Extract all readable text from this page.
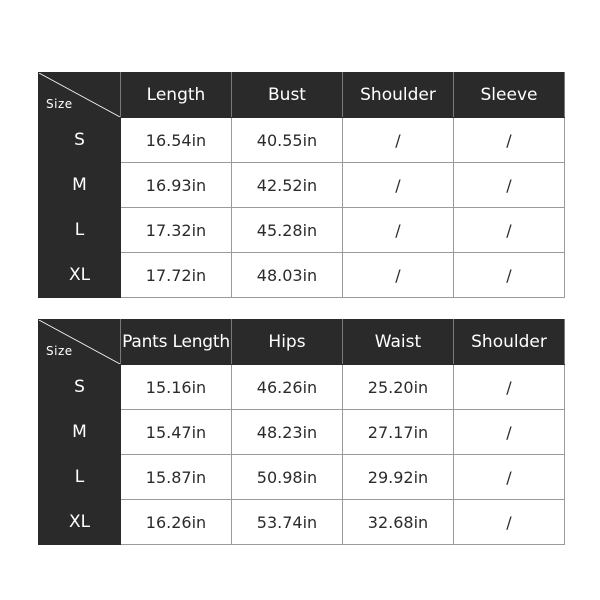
Size	Length	Bust	Shoulder	Sleeve
S	16.54in	40.55in	/	/
M	16.93in	42.52in	/	/
L	17.32in	45.28in	/	/
XL	17.72in	48.03in	/	/
Size	Pants Length	Hips	Waist	Shoulder
S	15.16in	46.26in	25.20in	/
M	15.47in	48.23in	27.17in	/
L	15.87in	50.98in	29.92in	/
XL	16.26in	53.74in	32.68in	/
